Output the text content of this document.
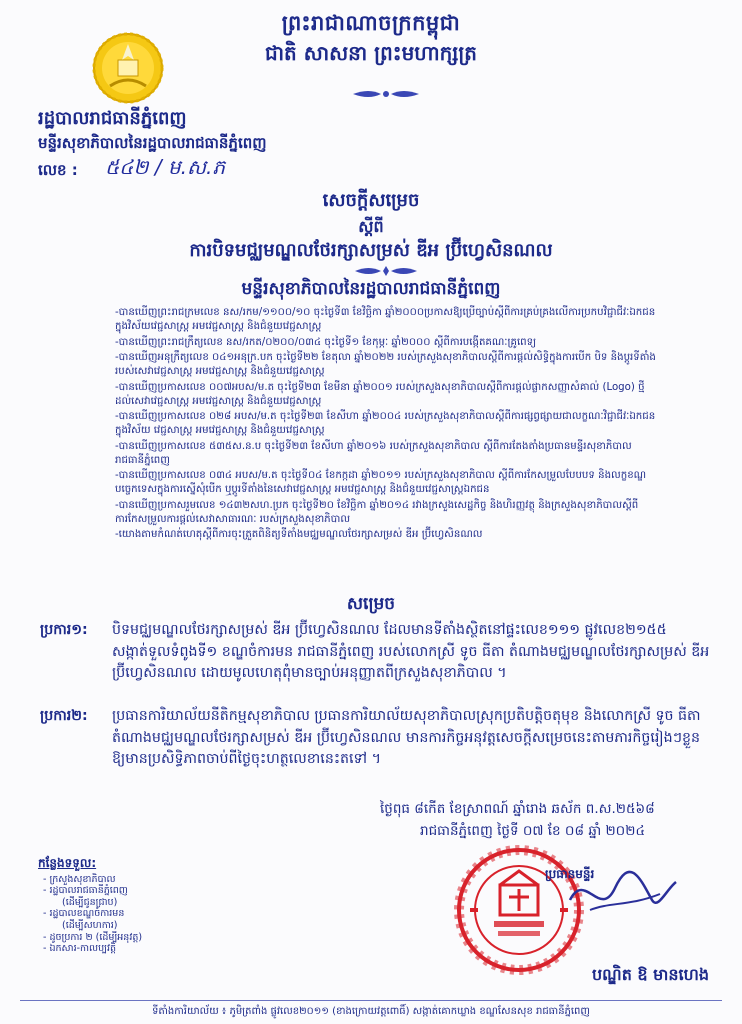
ព្រះរាជាណាចក្រកម្ពុជា
ជាតិ សាសនា ព្រះមហាក្សត្រ
រដ្ឋបាលរាជធានីភ្នំពេញ
មន្ទីរសុខាភិបាលនៃរដ្ឋបាលរាជធានីភ្នំពេញ
លេខ : ៥៤២ / ម.ស.ភ
សេចក្ដីសម្រេច
ស្ដីពី
ការបិទមជ្ឈមណ្ឌលថែរក្សាសម្រស់ ឌីអ ប្រ៊ីហ្វេសិនណល
មន្ទីរសុខាភិបាលនៃរដ្ឋបាលរាជធានីភ្នំពេញ
-បានឃើញព្រះរាជក្រមលេខ នស/រកម/១១០០/១០ ចុះថ្ងៃទី៣ ខែវិច្ឆិកា ឆ្នាំ២០០០ប្រកាសឱ្យប្រើច្បាប់ស្ដីពីការគ្រប់គ្រងលើការប្រកបវិជ្ជាជីវៈឯកជនក្នុងវិស័យវេជ្ជសាស្ត្រ អមវេជ្ជសាស្ត្រ និងជំនួយវេជ្ជសាស្ត្រ
-បានឃើញព្រះរាជក្រឹត្យលេខ នស/រកត/០២០០/០៣៤ ចុះថ្ងៃទី១ ខែកុម្ភៈ ឆ្នាំ២០០០ ស្ដីពីការបង្កើតគណៈគ្រូពេទ្យ
-បានឃើញអនុក្រឹត្យលេខ ០៤១អនុក្រ.បក ចុះថ្ងៃទី២២ ខែតុលា ឆ្នាំ២០២២ របស់ក្រសួងសុខាភិបាលស្ដីពីការផ្ដល់សិទ្ធិក្នុងការបើក បិទ និងប្ដូរទីតាំងរបស់សេវាវេជ្ជសាស្ត្រ អមវេជ្ជសាស្ត្រ និងជំនួយវេជ្ជសាស្ត្រ
-បានឃើញប្រកាសលេខ ០០៧អបស/ម.ត ចុះថ្ងៃទី២៣ ខែមីនា ឆ្នាំ២០០១ របស់ក្រសួងសុខាភិបាលស្ដីពីការផ្ដល់ផ្លាកសញ្ញាសំគាល់ (Logo) ថ្មីដល់សេវាវេជ្ជសាស្ត្រ អមវេជ្ជសាស្ត្រ និងជំនួយវេជ្ជសាស្ត្រ
-បានឃើញប្រកាសលេខ ០២៨ អបស/ម.ត ចុះថ្ងៃទី២៣ ខែសីហា ឆ្នាំ២០០៤ របស់ក្រសួងសុខាភិបាលស្ដីពីការផ្សព្វផ្សាយជាលក្ខណៈវិជ្ជាជីវៈឯកជនក្នុងវិស័យ វេជ្ជសាស្ត្រ អមវេជ្ជសាស្ត្រ និងជំនួយវេជ្ជសាស្ត្រ
-បានឃើញប្រកាសលេខ ៥៣៥ស.ន.ប ចុះថ្ងៃទី២៣ ខែសីហា ឆ្នាំ២០១៦ របស់ក្រសួងសុខាភិបាល ស្ដីពីការតែងតាំងប្រធានមន្ទីរសុខាភិបាលរាជធានីភ្នំពេញ
-បានឃើញប្រកាសលេខ ០៣៤ អបស/ម.ត ចុះថ្ងៃទី០៤ ខែកក្កដា ឆ្នាំ២០១១ របស់ក្រសួងសុខាភិបាល ស្ដីពីការកែសម្រួលបែបបទ និងលក្ខខណ្ឌបច្ចេកទេសក្នុងការស្នើសុំបើក ឬប្ដូរទីតាំងនៃសេវាវេជ្ជសាស្ត្រ អមវេជ្ជសាស្ត្រ និងជំនួយវេជ្ជសាស្ត្រឯកជន
-បានឃើញប្រកាសរួមលេខ ១៤៣២សហ.ប្រក ចុះថ្ងៃទី២០ ខែវិច្ឆិកា ឆ្នាំ២០១៤ រវាងក្រសួងសេដ្ឋកិច្ច និងហិរញ្ញវត្ថុ និងក្រសួងសុខាភិបាលស្ដីពីការកែសម្រួលការផ្ដល់សេវាសាធារណៈ របស់ក្រសួងសុខាភិបាល
-យោងតាមកំណត់ហេតុស្ដីពីការចុះត្រួតពិនិត្យទីតាំងមជ្ឈមណ្ឌលថែរក្សាសម្រស់ ឌីអ ប្រ៊ីហ្វេសិនណល
សម្រេច
ប្រការ១:	បិទមជ្ឈមណ្ឌលថែរក្សាសម្រស់ ឌីអ ប្រ៊ីហ្វេសិនណល ដែលមានទីតាំងស្ថិតនៅផ្ទះលេខ១១១ ផ្លូវលេខ២១៥៥ សង្កាត់ទួលទំពូងទី១ ខណ្ឌចំការមន រាជធានីភ្នំពេញ របស់លោកស្រី ទូច ធីតា តំណាងមជ្ឈមណ្ឌលថែរក្សាសម្រស់ ឌីអ ប្រ៊ីហ្វេសិនណល ដោយមូលហេតុពុំមានច្បាប់អនុញ្ញាតពីក្រសួងសុខាភិបាល ។
ប្រការ២:	ប្រធានការិយាល័យនីតិកម្មសុខាភិបាល ប្រធានការិយាល័យសុខាភិបាលស្រុកប្រតិបត្តិចតុមុខ និងលោកស្រី ទូច ធីតា តំណាងមជ្ឈមណ្ឌលថែរក្សាសម្រស់ ឌីអ ប្រ៊ីហ្វេសិនណល មានការកិច្ចអនុវត្តសេចក្ដីសម្រេចនេះតាមភារកិច្ចរៀងៗខ្លួន ឱ្យមានប្រសិទ្ធិភាពចាប់ពីថ្ងៃចុះហត្ថលេខានេះតទៅ ។
ថ្ងៃពុធ ៨កើត ខែស្រាពណ៍ ឆ្នាំរោង ឆស័ក ព.ស.២៥៦៨
រាជធានីភ្នំពេញ ថ្ងៃទី ០៧ ខែ ០៨ ឆ្នាំ ២០២៤
កន្លែងទទួល:
- ក្រសួងសុខាភិបាល
- រដ្ឋបាលរាជធានីភ្នំពេញ
(ដើម្បីជូនជ្រាប)
- រដ្ឋបាលខណ្ឌចំការមន
(ដើម្បីសហការ)
- ដូចប្រការ ២ (ដើម្បីអនុវត្ត)
- ឯកសារ-កាលប្បវត្តិ
ប្រធានមន្ទីរ
បណ្ឌិត ឱ មានហេង
ទីតាំងការិយាល័យ ៖ ភូមិត្រពាំង ផ្លូវលេខ២០១១ (ខាងក្រោយវត្តពោធិ៍) សង្កាត់គោកឃ្លាង ខណ្ឌសែនសុខ រាជធានីភ្នំពេញ
